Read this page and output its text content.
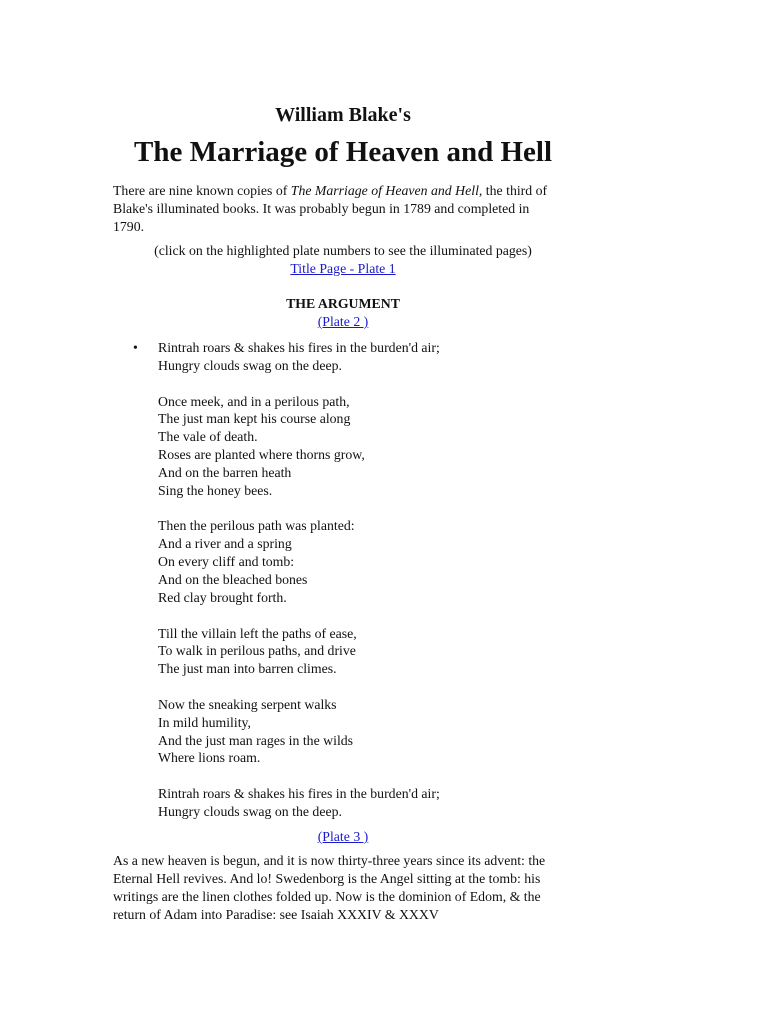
William Blake's
The Marriage of Heaven and Hell

There are nine known copies of The Marriage of Heaven and Hell, the third of Blake's illuminated books. It was probably begun in 1789 and completed in 1790.

(click on the highlighted plate numbers to see the illuminated pages)
Title Page - Plate 1
THE ARGUMENT
(Plate 2 )
• Rintrah roars & shakes his fires in the burden'd air;
Hungry clouds swag on the deep.
Once meek, and in a perilous path,
The just man kept his course along
The vale of death.
Roses are planted where thorns grow,
And on the barren heath
Sing the honey bees.
Then the perilous path was planted:
And a river and a spring
On every cliff and tomb:
And on the bleached bones
Red clay brought forth.
Till the villain left the paths of ease,
To walk in perilous paths, and drive
The just man into barren climes.
Now the sneaking serpent walks
In mild humility,
And the just man rages in the wilds
Where lions roam.
Rintrah roars & shakes his fires in the burden'd air;
Hungry clouds swag on the deep.
(Plate 3 )

As a new heaven is begun, and it is now thirty-three years since its advent: the Eternal Hell revives. And lo! Swedenborg is the Angel sitting at the tomb: his writings are the linen clothes folded up. Now is the dominion of Edom, & the return of Adam into Paradise: see Isaiah XXXIV & XXXV
